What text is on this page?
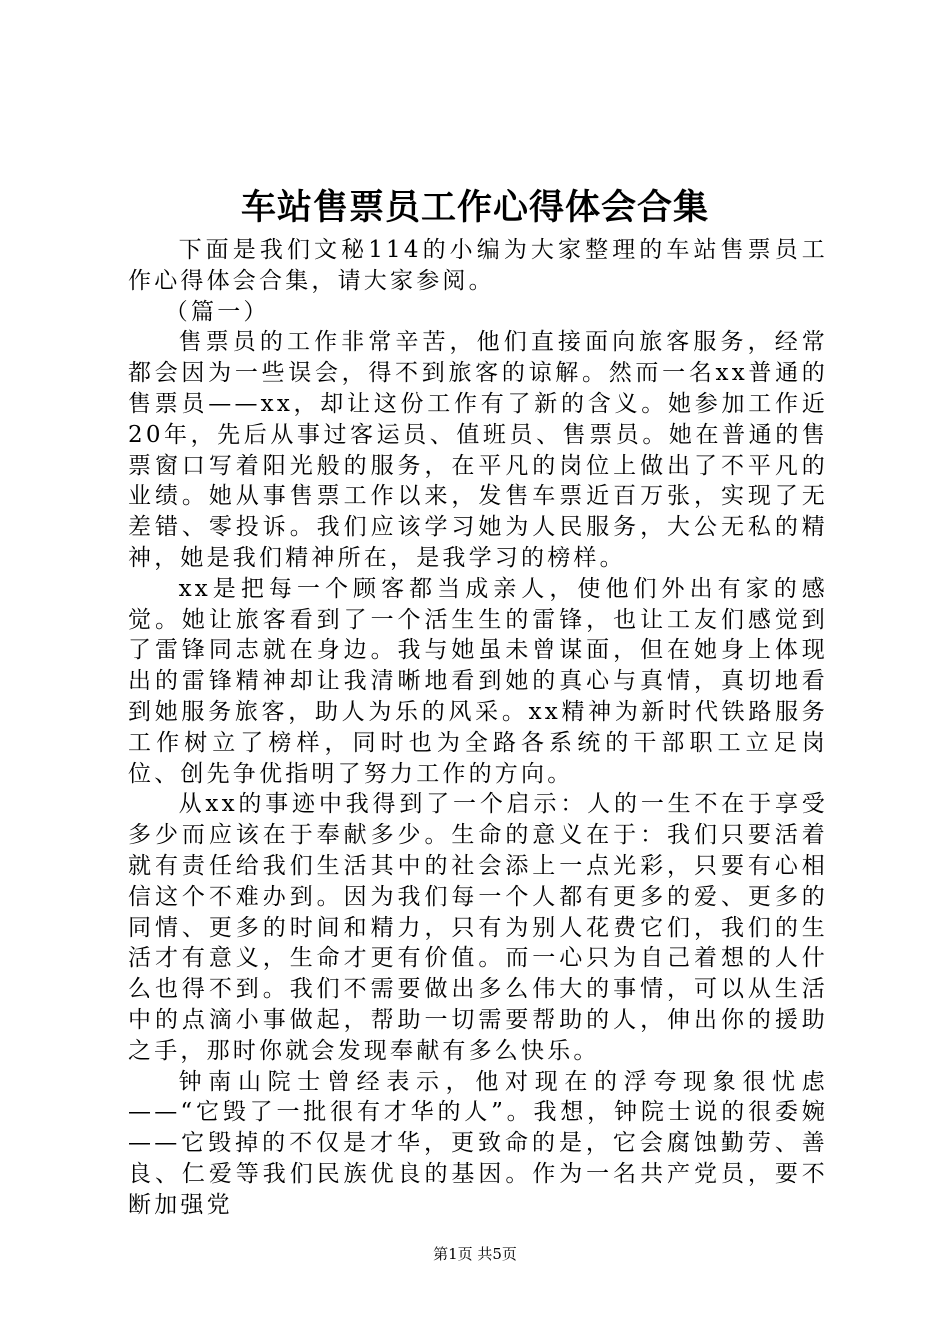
车站售票员工作心得体会合集

下面是我们文秘114的小编为大家整理的车站售票员工作心得体会合集，请大家参阅。

（篇一）

售票员的工作非常辛苦，他们直接面向旅客服务，经常都会因为一些误会，得不到旅客的谅解。然而一名xx普通的售票员——xx，却让这份工作有了新的含义。她参加工作近20年，先后从事过客运员、值班员、售票员。她在普通的售票窗口写着阳光般的服务，在平凡的岗位上做出了不平凡的业绩。她从事售票工作以来，发售车票近百万张，实现了无差错、零投诉。我们应该学习她为人民服务，大公无私的精神，她是我们精神所在，是我学习的榜样。

xx是把每一个顾客都当成亲人，使他们外出有家的感觉。她让旅客看到了一个活生生的雷锋，也让工友们感觉到了雷锋同志就在身边。我与她虽未曾谋面，但在她身上体现出的雷锋精神却让我清晰地看到她的真心与真情，真切地看到她服务旅客，助人为乐的风采。xx精神为新时代铁路服务工作树立了榜样，同时也为全路各系统的干部职工立足岗位、创先争优指明了努力工作的方向。

从xx的事迹中我得到了一个启示：人的一生不在于享受多少而应该在于奉献多少。生命的意义在于：我们只要活着就有责任给我们生活其中的社会添上一点光彩，只要有心相信这个不难办到。因为我们每一个人都有更多的爱、更多的同情、更多的时间和精力，只有为别人花费它们，我们的生活才有意义，生命才更有价值。而一心只为自己着想的人什么也得不到。我们不需要做出多么伟大的事情，可以从生活中的点滴小事做起，帮助一切需要帮助的人，伸出你的援助之手，那时你就会发现奉献有多么快乐。

钟南山院士曾经表示，他对现在的浮夸现象很忧虑——“它毁了一批很有才华的人”。我想，钟院士说的很委婉——它毁掉的不仅是才华，更致命的是，它会腐蚀勤劳、善良、仁爱等我们民族优良的基因。作为一名共产党员，要不断加强党

第1页 共5页
